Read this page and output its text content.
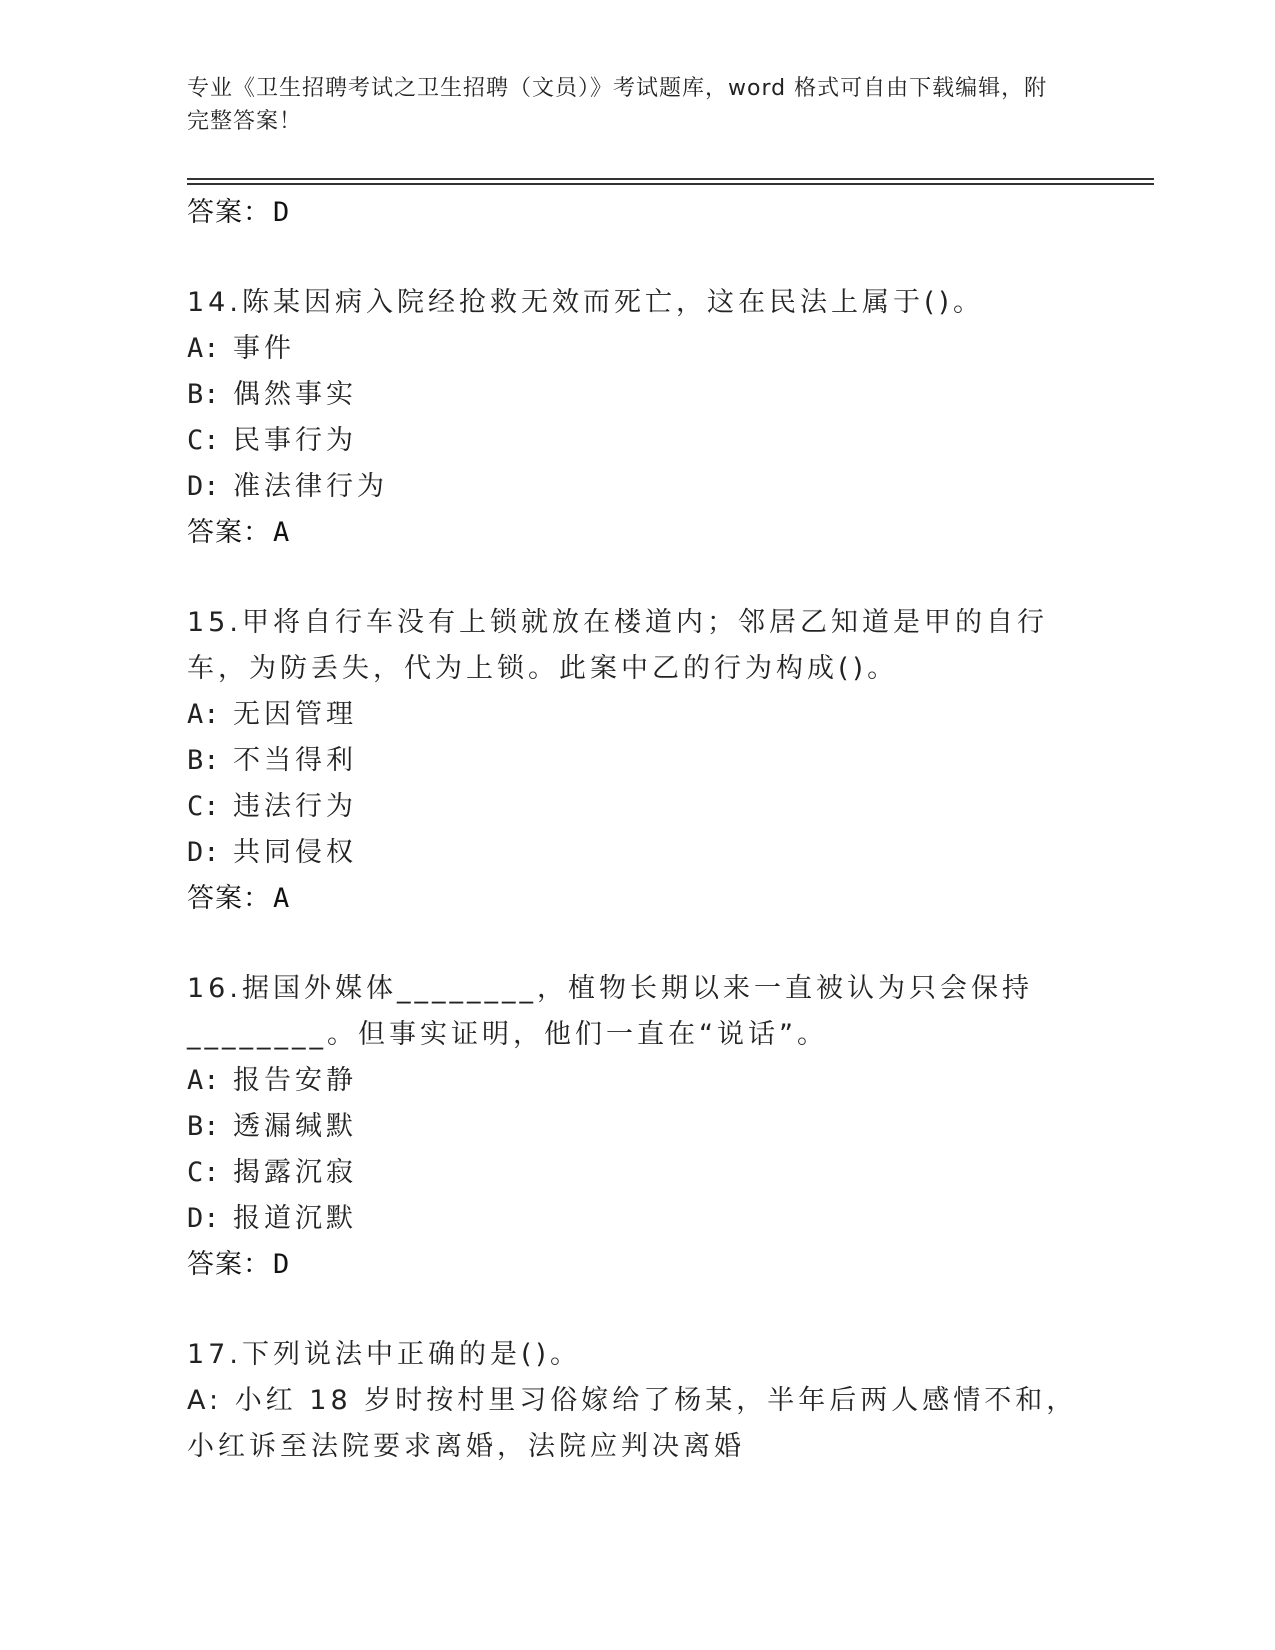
专业《卫生招聘考试之卫生招聘（文员）》考试题库，word 格式可自由下载编辑，附完整答案！
答案：D
14.陈某因病入院经抢救无效而死亡，这在民法上属于()。
A: 事件
B: 偶然事实
C: 民事行为
D: 准法律行为
答案：A
15.甲将自行车没有上锁就放在楼道内；邻居乙知道是甲的自行车，为防丢失，代为上锁。此案中乙的行为构成()。
A: 无因管理
B: 不当得利
C: 违法行为
D: 共同侵权
答案：A
16.据国外媒体________，植物长期以来一直被认为只会保持________。但事实证明，他们一直在“说话”。
A: 报告安静
B: 透漏缄默
C: 揭露沉寂
D: 报道沉默
答案：D
17.下列说法中正确的是()。
A: 小红 18 岁时按村里习俗嫁给了杨某，半年后两人感情不和，小红诉至法院要求离婚，法院应判决离婚
